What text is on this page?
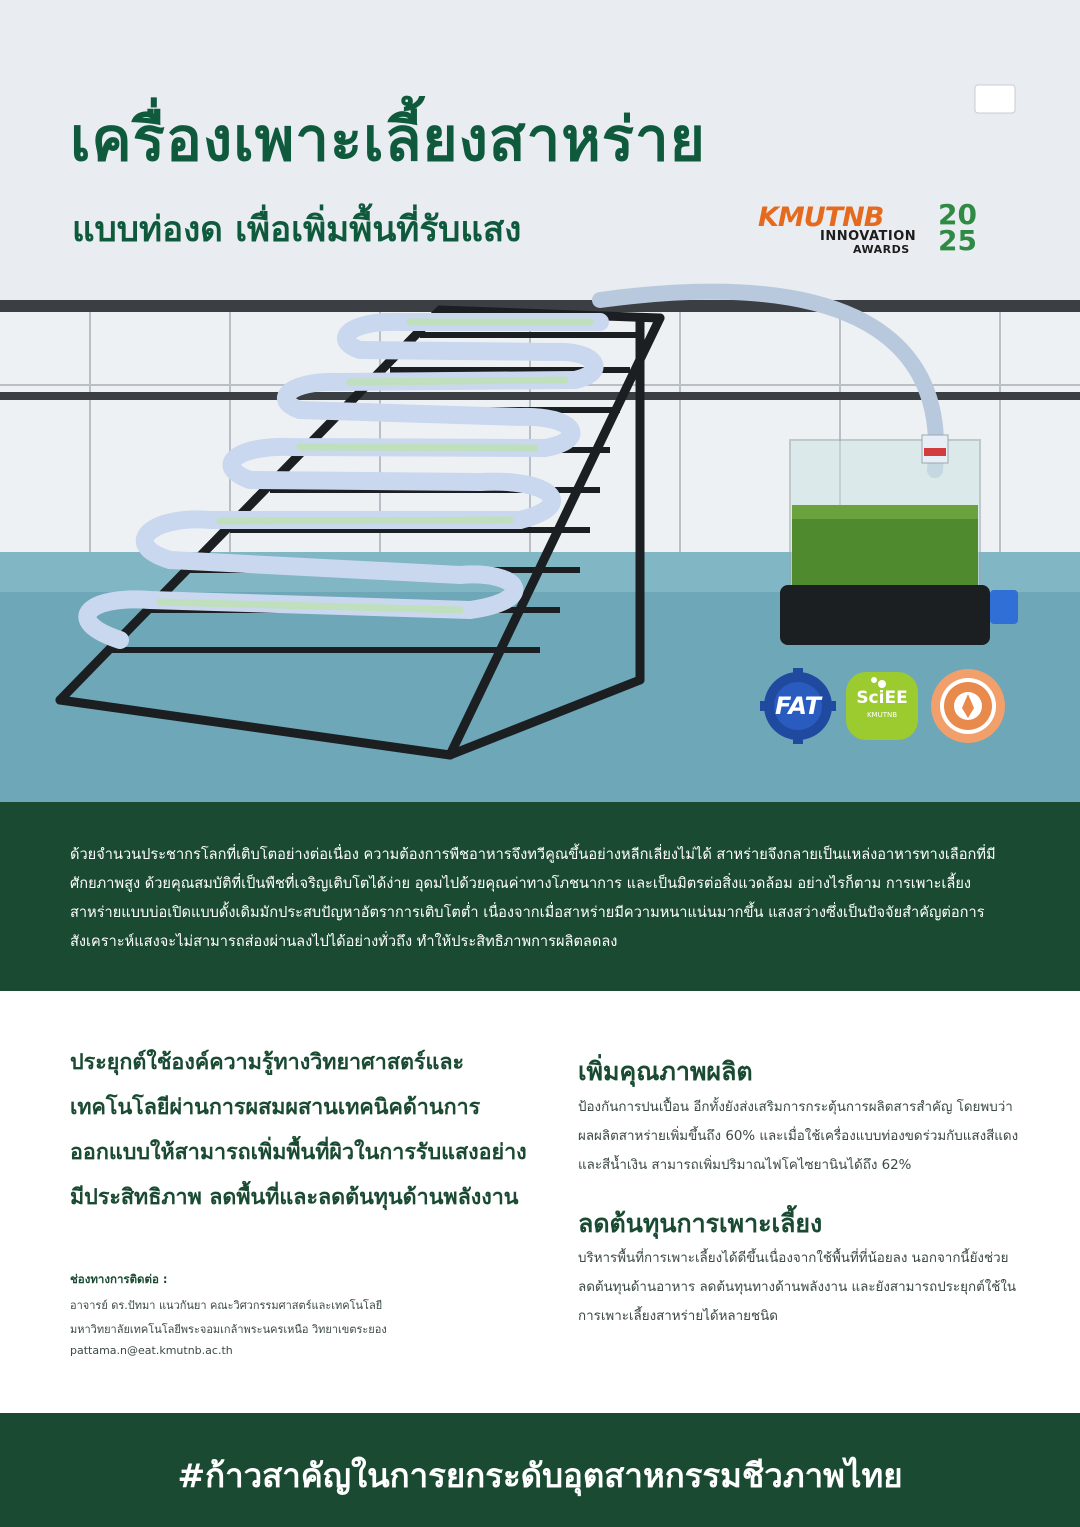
เครื่องเพาะเลี้ยงสาหร่าย
แบบท่องด เพื่อเพิ่มพื้นที่รับแสง	KMUTNB 20
25
INNOVATION
AWARDS
FAT	SciEE
KMUTNB

ด้วยจำนวนประชากรโลกที่เติบโตอย่างต่อเนื่อง ความต้องการพืชอาหารจึงทวีคูณขึ้นอย่างหลีกเลี่ยงไม่ได้ สาหร่ายจึงกลายเป็นแหล่งอาหารทางเลือกที่มีศักยภาพสูง ด้วยคุณสมบัติที่เป็นพืชที่เจริญเติบโตได้ง่าย อุดมไปด้วยคุณค่าทางโภชนาการ และเป็นมิตรต่อสิ่งแวดล้อม อย่างไรก็ตาม การเพาะเลี้ยงสาหร่ายแบบบ่อเปิดแบบดั้งเดิมมักประสบปัญหาอัตราการเติบโตต่ำ เนื่องจากเมื่อสาหร่ายมีความหนาแน่นมากขึ้น แสงสว่างซึ่งเป็นปัจจัยสำคัญต่อการสังเคราะห์แสงจะไม่สามารถส่องผ่านลงไปได้อย่างทั่วถึง ทำให้ประสิทธิภาพการผลิตลดลง

ประยุกต์ใช้องค์ความรู้ทางวิทยาศาสตร์และเทคโนโลยีผ่านการผสมผสานเทคนิคด้านการออกแบบให้สามารถเพิ่มพื้นที่ผิวในการรับแสงอย่างมีประสิทธิภาพ ลดพื้นที่และลดต้นทุนด้านพลังงาน
ช่องทางการติดต่อ :
อาจารย์ ดร.ปัทมา แนวกันยา คณะวิศวกรรมศาสตร์และเทคโนโลยี
มหาวิทยาลัยเทคโนโลยีพระจอมเกล้าพระนครเหนือ วิทยาเขตระยอง
pattama.n@eat.kmutnb.ac.th
เพิ่มคุณภาพผลิต
ป้องกันการปนเปื้อน อีกทั้งยังส่งเสริมการกระตุ้นการผลิตสารสำคัญ โดยพบว่าผลผลิตสาหร่ายเพิ่มขึ้นถึง 60% และเมื่อใช้เครื่องแบบท่องขดร่วมกับแสงสีแดงและสีน้ำเงิน สามารถเพิ่มปริมาณไฟโคไซยานินได้ถึง 62%
ลดต้นทุนการเพาะเลี้ยง
บริหารพื้นที่การเพาะเลี้ยงได้ดีขึ้นเนื่องจากใช้พื้นที่ที่น้อยลง นอกจากนี้ยังช่วยลดต้นทุนด้านอาหาร ลดต้นทุนทางด้านพลังงาน และยังสามารถประยุกต์ใช้ในการเพาะเลี้ยงสาหร่ายได้หลายชนิด
#ก้าวสาคัญในการยกระดับอุตสาหกรรมชีวภาพไทย
